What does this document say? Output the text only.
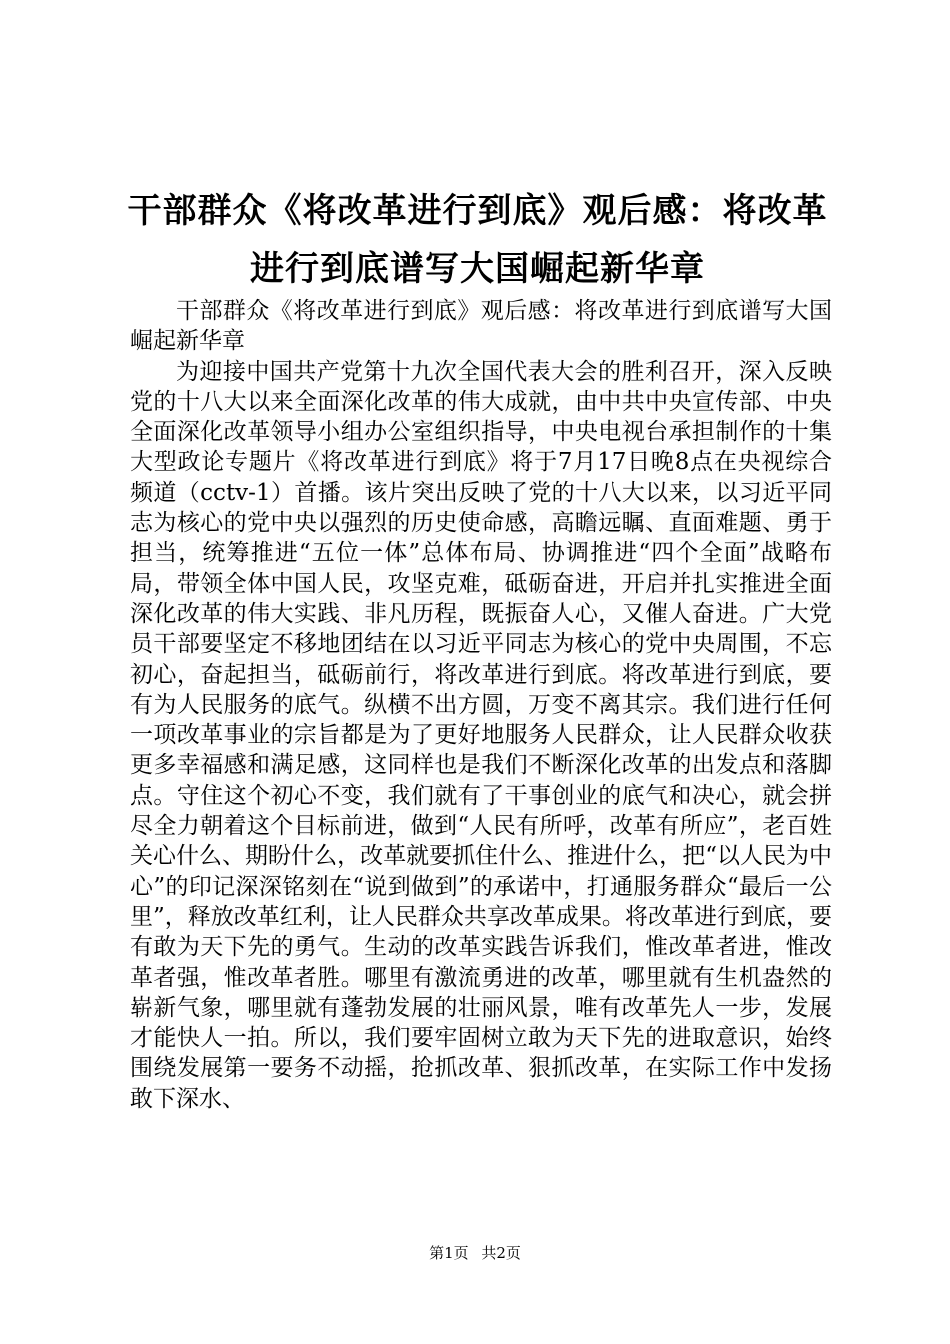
干部群众《将改革进行到底》观后感：将改革
进行到底谱写大国崛起新华章

干部群众《将改革进行到底》观后感：将改革进行到底谱写大国崛起新华章

为迎接中国共产党第十九次全国代表大会的胜利召开，深入反映党的十八大以来全面深化改革的伟大成就，由中共中央宣传部、中央全面深化改革领导小组办公室组织指导，中央电视台承担制作的十集大型政论专题片《将改革进行到底》将于7月17日晚8点在央视综合频道（cctv-1）首播。该片突出反映了党的十八大以来，以习近平同志为核心的党中央以强烈的历史使命感，高瞻远瞩、直面难题、勇于担当，统筹推进“五位一体”总体布局、协调推进“四个全面”战略布局，带领全体中国人民，攻坚克难，砥砺奋进，开启并扎实推进全面深化改革的伟大实践、非凡历程，既振奋人心，又催人奋进。广大党员干部要坚定不移地团结在以习近平同志为核心的党中央周围，不忘初心，奋起担当，砥砺前行，将改革进行到底。将改革进行到底，要有为人民服务的底气。纵横不出方圆，万变不离其宗。我们进行任何一项改革事业的宗旨都是为了更好地服务人民群众，让人民群众收获更多幸福感和满足感，这同样也是我们不断深化改革的出发点和落脚点。守住这个初心不变，我们就有了干事创业的底气和决心，就会拼尽全力朝着这个目标前进，做到“人民有所呼，改革有所应”，老百姓关心什么、期盼什么，改革就要抓住什么、推进什么，把“以人民为中心”的印记深深铭刻在“说到做到”的承诺中，打通服务群众“最后一公里”，释放改革红利，让人民群众共享改革成果。将改革进行到底，要有敢为天下先的勇气。生动的改革实践告诉我们，惟改革者进，惟改革者强，惟改革者胜。哪里有激流勇进的改革，哪里就有生机盎然的崭新气象，哪里就有蓬勃发展的壮丽风景，唯有改革先人一步，发展才能快人一拍。所以，我们要牢固树立敢为天下先的进取意识，始终围绕发展第一要务不动摇，抢抓改革、狠抓改革，在实际工作中发扬敢下深水、

第1页 共2页
